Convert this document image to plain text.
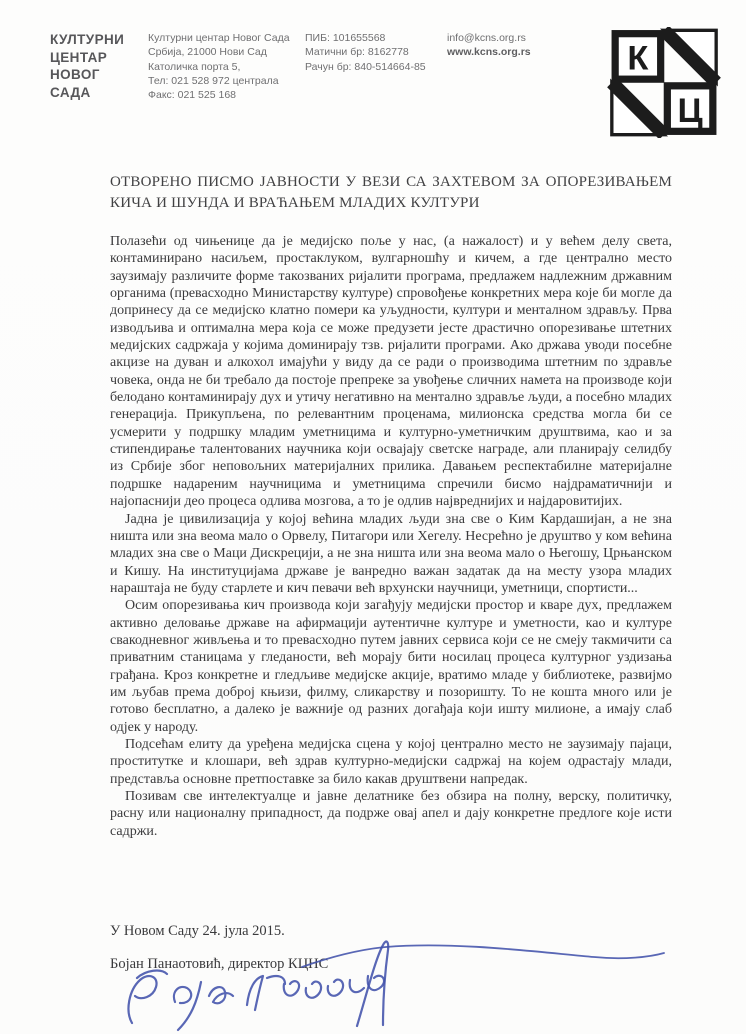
КУЛТУРНИ
ЦЕНТАР
НОВОГ
САДА
Културни центар Новог Сада
Србија, 21000 Нови Сад
Католичка порта 5,
Тел: 021 528 972 централа
Факс: 021 525 168
ПИБ: 101655568
Матични бр: 8162778
Рачун бр: 840-514664-85
info@kcns.org.rs
www.kcns.org.rs	К
Ц
ОТВОРЕНО ПИСМО ЈАВНОСТИ У ВЕЗИ СА ЗАХТЕВОМ ЗА ОПОРЕЗИВАЊЕМ
КИЧА И ШУНДА И ВРАЋАЊЕМ МЛАДИХ КУЛТУРИ

Полазећи од чињенице да је медијско поље у нас, (а нажалост) и у већем делу света, контаминирано насиљем, простаклуком, вулгарношћу и кичем, а где централно место заузимају различите форме такозваних ријалити програма, предлажем надлежним државним органима (превасходно Министарству културе) спровођење конкретних мера које би могле да допринесу да се медијско клатно помери ка уљудности, култури и менталном здрављу. Прва изводљива и оптимална мера која се може предузети јесте драстично опорезивање штетних медијских садржаја у којима доминирају тзв. ријалити програми. Ако држава уводи посебне акцизе на дуван и алкохол имајући у виду да се ради о производима штетним по здравље човека, онда не би требало да постоје препреке за увођење сличних намета на производе који белодано контаминирају дух и утичу негативно на ментално здравље људи, а посебно младих генерација. Прикупљена, по релевантним проценама, милионска средства могла би се усмерити у подршку младим уметницима и културно-уметничким друштвима, као и за стипендирање талентованих научника који освајају светске награде, али планирају селидбу из Србије због неповољних материјалних прилика. Давањем респектабилне материјалне подршке надареним научницима и уметницима спречили бисмо најдраматичнији и најопаснији део процеса одлива мозгова, а то је одлив највреднијих и најдаровитијих.

Јадна је цивилизација у којој већина младих људи зна све о Ким Кардашијан, а не зна ништа или зна веома мало о Орвелу, Питагори или Хегелу. Несрећно је друштво у ком већина младих зна све о Маци Дискрецији, а не зна ништа или зна веома мало о Његошу, Црњанском и Кишу. На институцијама државе је ванредно важан задатак да на месту узора младих нараштаја не буду старлете и кич певачи већ врхунски научници, уметници, спортисти...

Осим опорезивања кич производа који загађују медијски простор и кваре дух, предлажем активно деловање државе на афирмацији аутентичне културе и уметности, као и културе свакодневног живљења и то превасходно путем јавних сервиса који се не смеју такмичити са приватним станицама у гледаности, већ морају бити носилац процеса културног уздизања грађана. Кроз конкретне и гледљиве медијске акције, вратимо младе у библиотеке, развијмо им љубав према доброј књизи, филму, сликарству и позоришту. То не кошта много или је готово бесплатно, а далеко је важније од разних догађаја који ишту милионе, а имају слаб одјек у народу.

Подсећам елиту да уређена медијска сцена у којој централно место не заузимају пајаци, проститутке и клошари, већ здрав културно-медијски садржај на којем одрастају млади, представља основне претпоставке за било какав друштвени напредак.

Позивам све интелектуалце и јавне делатнике без обзира на полну, верску, политичку, расну или националну припадност, да подрже овај апел и дају конкретне предлоге које исти садржи.

У Новом Саду 24. јула 2015.
Бојан Панаотовић, директор КЦНС
